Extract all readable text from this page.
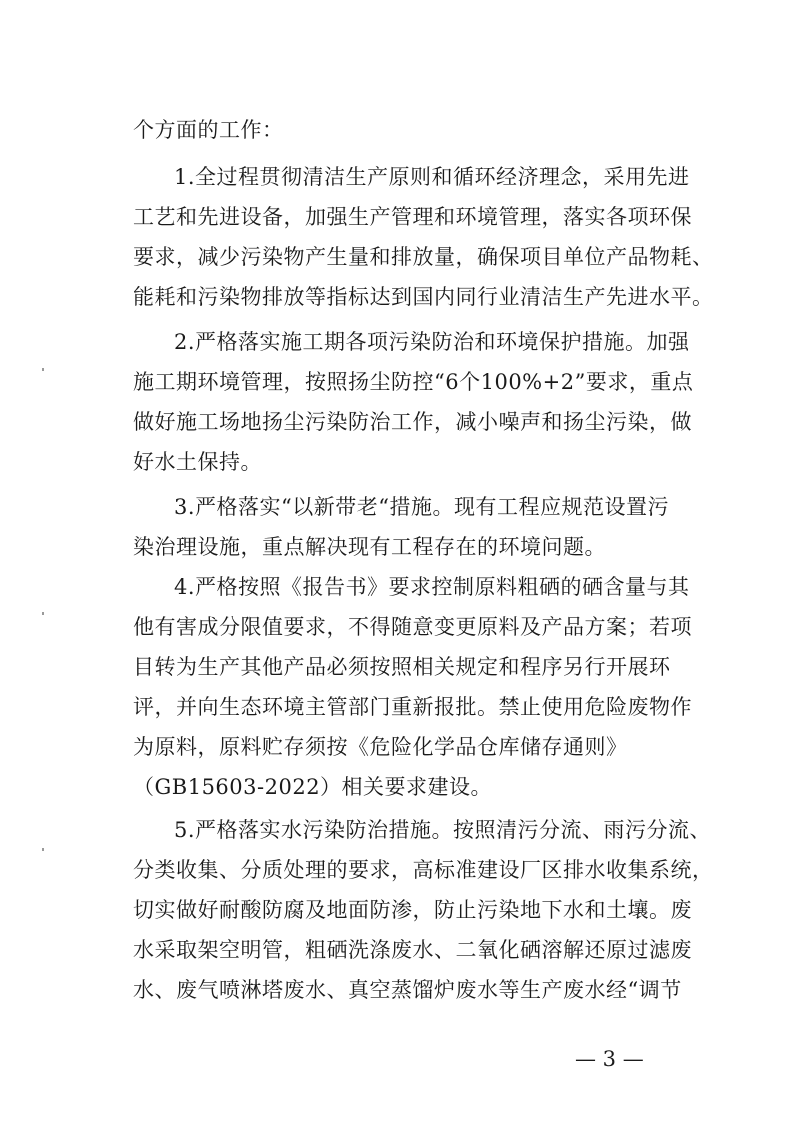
个方面的工作：
1.全过程贯彻清洁生产原则和循环经济理念，采用先进
工艺和先进设备，加强生产管理和环境管理，落实各项环保
要求，减少污染物产生量和排放量，确保项目单位产品物耗、
能耗和污染物排放等指标达到国内同行业清洁生产先进水平。
2.严格落实施工期各项污染防治和环境保护措施。加强
施工期环境管理，按照扬尘防控“6个100%+2”要求，重点
做好施工场地扬尘污染防治工作，减小噪声和扬尘污染，做
好水土保持。
3.严格落实“以新带老“措施。现有工程应规范设置污
染治理设施，重点解决现有工程存在的环境问题。
4.严格按照《报告书》要求控制原料粗硒的硒含量与其
他有害成分限值要求，不得随意变更原料及产品方案；若项
目转为生产其他产品必须按照相关规定和程序另行开展环
评，并向生态环境主管部门重新报批。禁止使用危险废物作
为原料，原料贮存须按《危险化学品仓库储存通则》
（GB15603-2022）相关要求建设。
5.严格落实水污染防治措施。按照清污分流、雨污分流、
分类收集、分质处理的要求，高标准建设厂区排水收集系统，
切实做好耐酸防腐及地面防渗，防止污染地下水和土壤。废
水采取架空明管，粗硒洗涤废水、二氧化硒溶解还原过滤废
水、废气喷淋塔废水、真空蒸馏炉废水等生产废水经“调节
— 3 —
